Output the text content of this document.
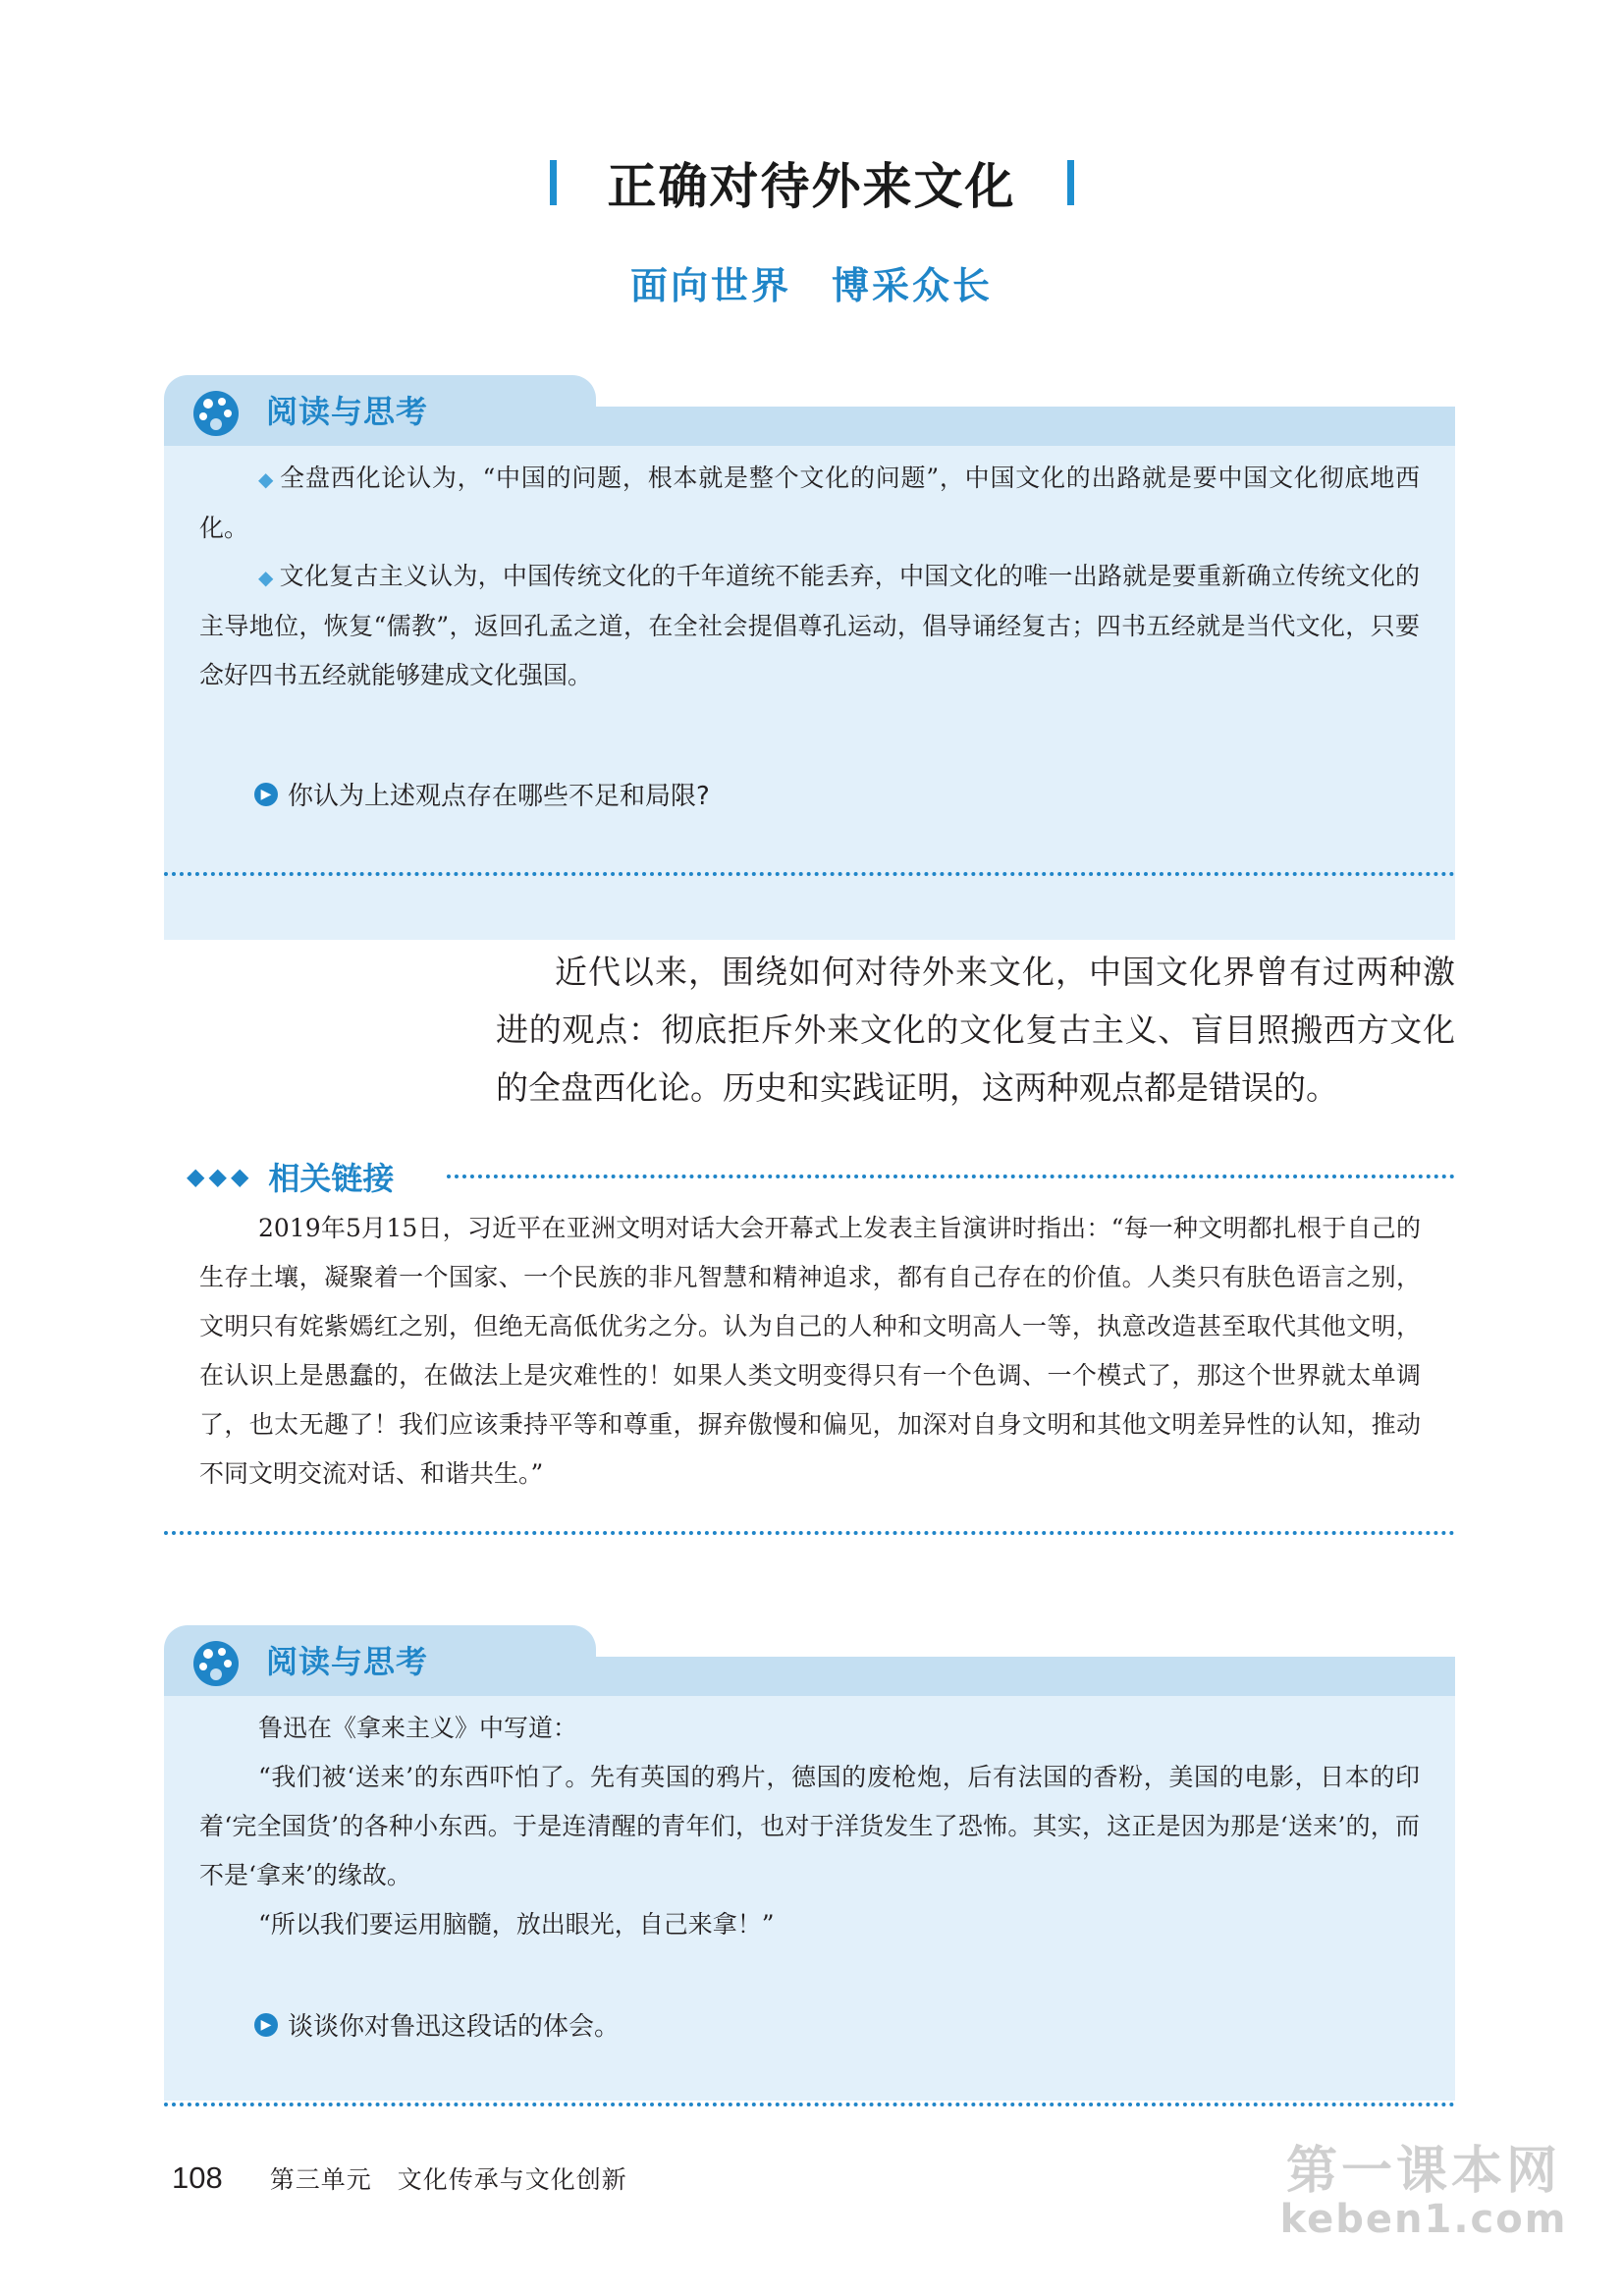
正确对待外来文化
面向世界　博采众长
阅读与思考
◆ 全盘西化论认为，“中国的问题，根本就是整个文化的问题”，中国文化的出路就是要中国文化彻底地西化。
◆ 文化复古主义认为，中国传统文化的千年道统不能丢弃，中国文化的唯一出路就是要重新确立传统文化的主导地位，恢复“儒教”，返回孔孟之道，在全社会提倡尊孔运动，倡导诵经复古；四书五经就是当代文化，只要念好四书五经就能够建成文化强国。
▶ 你认为上述观点存在哪些不足和局限?
近代以来，围绕如何对待外来文化，中国文化界曾有过两种激进的观点：彻底拒斥外来文化的文化复古主义、盲目照搬西方文化的全盘西化论。历史和实践证明，这两种观点都是错误的。
◆ ◆ ◆ 相关链接
2019年5月15日，习近平在亚洲文明对话大会开幕式上发表主旨演讲时指出：“每一种文明都扎根于自己的生存土壤，凝聚着一个国家、一个民族的非凡智慧和精神追求，都有自己存在的价值。人类只有肤色语言之别，文明只有姹紫嫣红之别，但绝无高低优劣之分。认为自己的人种和文明高人一等，执意改造甚至取代其他文明，在认识上是愚蠢的，在做法上是灾难性的！如果人类文明变得只有一个色调、一个模式了，那这个世界就太单调了，也太无趣了！我们应该秉持平等和尊重，摒弃傲慢和偏见，加深对自身文明和其他文明差异性的认知，推动不同文明交流对话、和谐共生。”
阅读与思考
鲁迅在《拿来主义》中写道：
“我们被‘送来’的东西吓怕了。先有英国的鸦片，德国的废枪炮，后有法国的香粉，美国的电影，日本的印着‘完全国货’的各种小东西。于是连清醒的青年们，也对于洋货发生了恐怖。其实，这正是因为那是‘送来’的，而不是‘拿来’的缘故。
“所以我们要运用脑髓，放出眼光，自己来拿！”
▶ 谈谈你对鲁迅这段话的体会。
108 第三单元　文化传承与文化创新	第一课本网
keben1.com
